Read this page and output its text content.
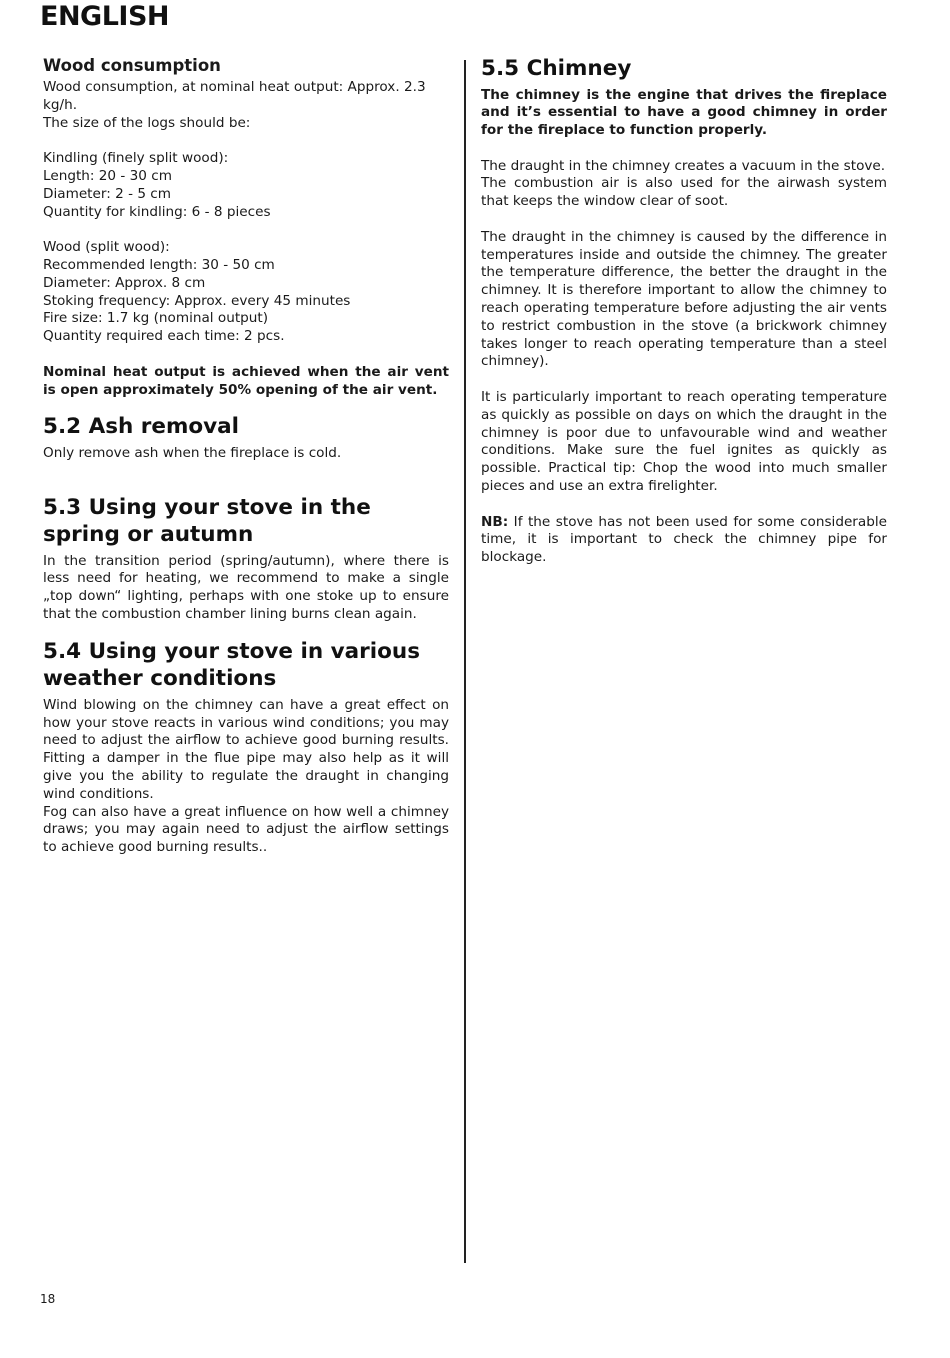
ENGLISH
Wood consumption
Wood consumption, at nominal heat output: Approx. 2.3 kg/h.
The size of the logs should be:
Kindling (finely split wood):
Length: 20 - 30 cm
Diameter: 2 - 5 cm
Quantity for kindling: 6 - 8 pieces
Wood (split wood):
Recommended length: 30 - 50 cm
Diameter: Approx. 8 cm
Stoking frequency: Approx. every 45 minutes
Fire size: 1.7 kg (nominal output)
Quantity required each time: 2 pcs.

Nominal heat output is achieved when the air vent is open approximately 50% opening of the air vent.

5.2 Ash removal

Only remove ash when the fireplace is cold.

5.3 Using your stove in the spring or autumn

In the transition period (spring/autumn), where there is less need for heating, we recommend to make a single „top down“ lighting, perhaps with one stoke up to ensure that the combustion chamber lining burns clean again.

5.4 Using your stove in various weather conditions

Wind blowing on the chimney can have a great effect on how your stove reacts in various wind conditions; you may need to adjust the airflow to achieve good burning results. Fitting a damper in the flue pipe may also help as it will give you the ability to regulate the draught in changing wind conditions.

Fog can also have a great influence on how well a chimney draws; you may again need to adjust the airflow settings to achieve good burning results..

5.5 Chimney

The chimney is the engine that drives the fireplace and it’s essential to have a good chimney in order for the fireplace to function properly.

The draught in the chimney creates a vacuum in the stove.

The combustion air is also used for the airwash system that keeps the window clear of soot.

The draught in the chimney is caused by the difference in temperatures inside and outside the chimney. The greater the temperature difference, the better the draught in the chimney. It is therefore important to allow the chimney to reach operating temperature before adjusting the air vents to restrict combustion in the stove (a brickwork chimney takes longer to reach operating temperature than a steel chimney).

It is particularly important to reach operating temperature as quickly as possible on days on which the draught in the chimney is poor due to unfavourable wind and weather conditions. Make sure the fuel ignites as quickly as possible. Practical tip: Chop the wood into much smaller pieces and use an extra firelighter.

NB: If the stove has not been used for some considerable time, it is important to check the chimney pipe for blockage.

18
